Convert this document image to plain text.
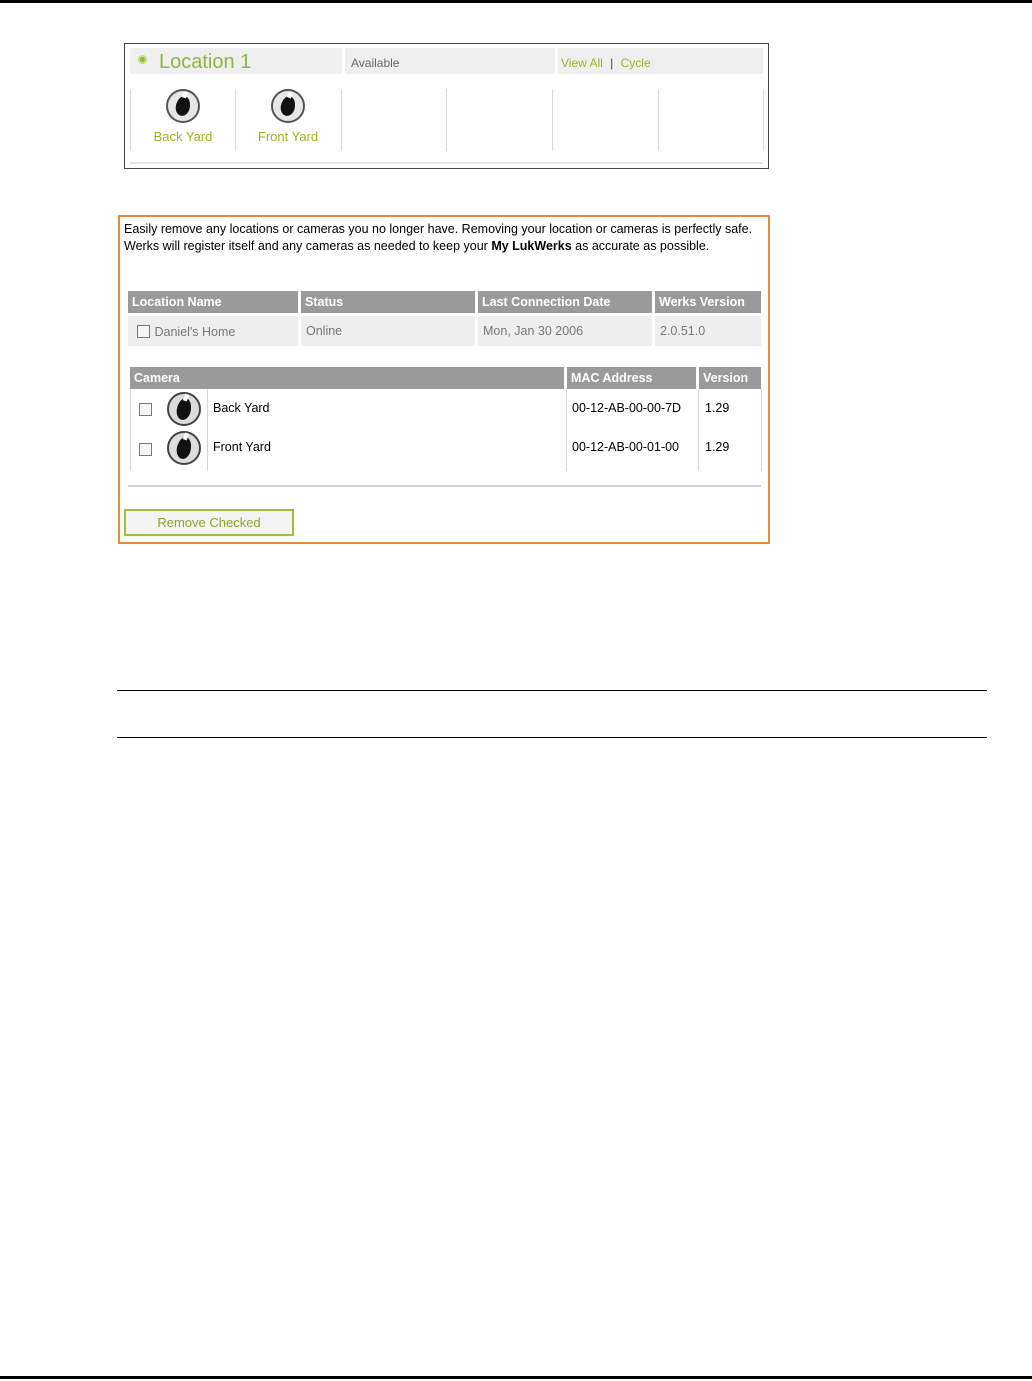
Location 1	Available	View All | Cycle
Back Yard	Front Yard
Easily remove any locations or cameras you no longer have. Removing your location or cameras is perfectly safe. Werks will register itself and any cameras as needed to keep your My LukWerks as accurate as possible.
Location Name	Status	Last Connection Date	Werks Version
Daniel's Home	Online	Mon, Jan 30 2006	2.0.51.0
Camera	MAC Address	Version
Back Yard	00-12-AB-00-00-7D 1.29
Front Yard	00-12-AB-00-01-00 1.29
Remove Checked
